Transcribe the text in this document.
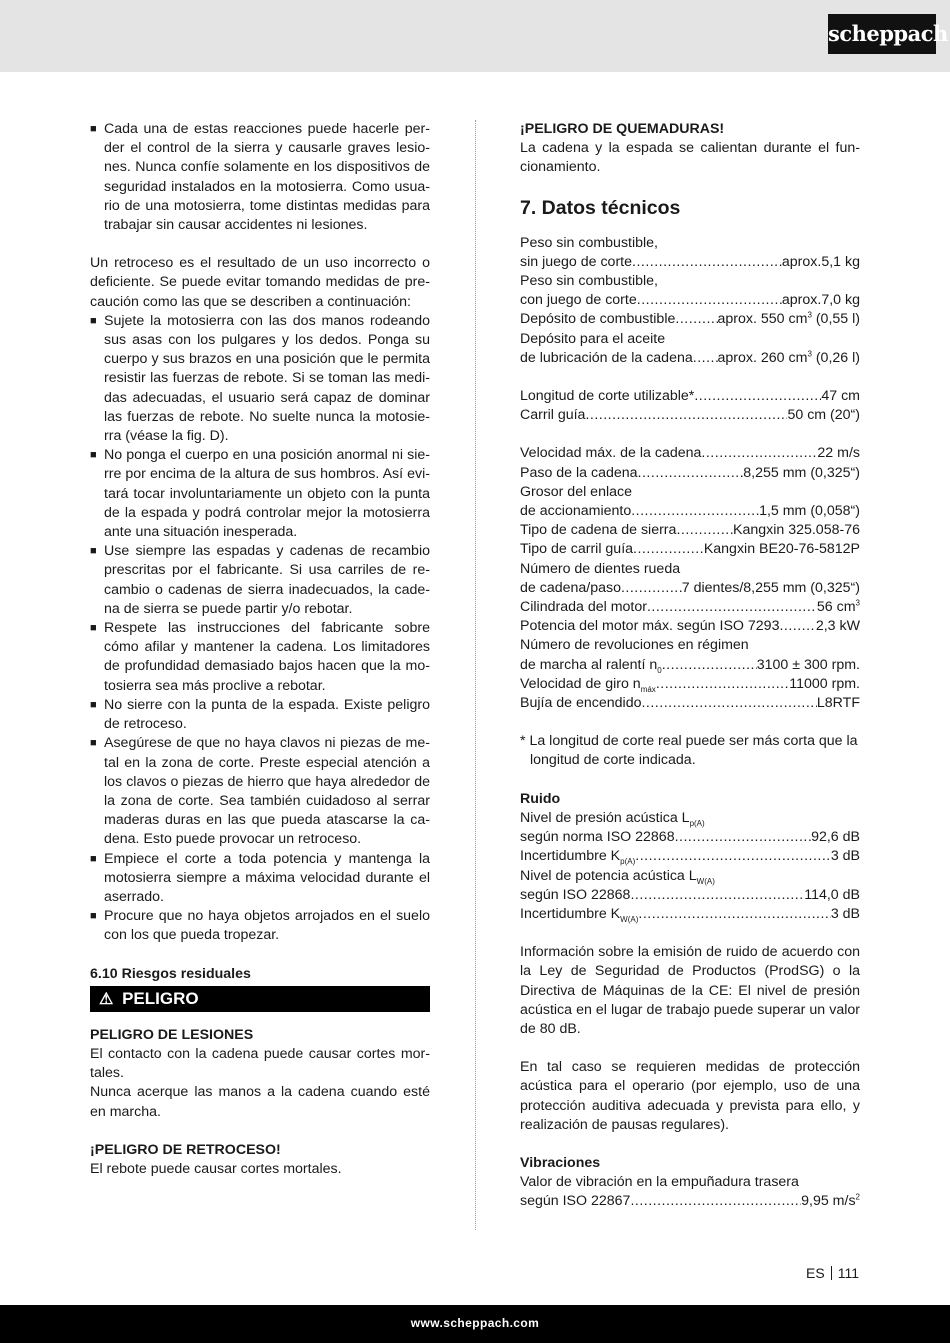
scheppach
■ Cada una de estas reacciones puede hacerle perder el control de la sierra y causarle graves lesiones. Nunca confíe solamente en los dispositivos de seguridad instalados en la motosierra. Como usuario de una motosierra, tome distintas medidas para trabajar sin causar accidentes ni lesiones.

Un retroceso es el resultado de un uso incorrecto o deficiente. Se puede evitar tomando medidas de precaución como las que se describen a continuación:

■ Sujete la motosierra con las dos manos rodeando sus asas con los pulgares y los dedos. Ponga su cuerpo y sus brazos en una posición que le permita resistir las fuerzas de rebote. Si se toman las medidas adecuadas, el usuario será capaz de dominar las fuerzas de rebote. No suelte nunca la motosierra (véase la fig. D).
■ No ponga el cuerpo en una posición anormal ni sierre por encima de la altura de sus hombros. Así evitará tocar involuntariamente un objeto con la punta de la espada y podrá controlar mejor la motosierra ante una situación inesperada.
■ Use siempre las espadas y cadenas de recambio prescritas por el fabricante. Si usa carriles de recambio o cadenas de sierra inadecuados, la cadena de sierra se puede partir y/o rebotar.
■ Respete las instrucciones del fabricante sobre cómo afilar y mantener la cadena. Los limitadores de profundidad demasiado bajos hacen que la motosierra sea más proclive a rebotar.
■ No sierre con la punta de la espada. Existe peligro de retroceso.
■ Asegúrese de que no haya clavos ni piezas de metal en la zona de corte. Preste especial atención a los clavos o piezas de hierro que haya alrededor de la zona de corte. Sea también cuidadoso al serrar maderas duras en las que pueda atascarse la cadena. Esto puede provocar un retroceso.
■ Empiece el corte a toda potencia y mantenga la motosierra siempre a máxima velocidad durante el aserrado.
■ Procure que no haya objetos arrojados en el suelo con los que pueda tropezar.
6.10 Riesgos residuales
⚠ PELIGRO
PELIGRO DE LESIONES

El contacto con la cadena puede causar cortes mortales.

Nunca acerque las manos a la cadena cuando esté en marcha.

¡PELIGRO DE RETROCESO!

El rebote puede causar cortes mortales.

¡PELIGRO DE QUEMADURAS!

La cadena y la espada se calientan durante el funcionamiento.

7. Datos técnicos
Peso sin combustible,
sin juego de corte .....	aprox.5,1 kg
Peso sin combustible,
con juego de corte .....	aprox.7,0 kg
Depósito de combustible .....	aprox. 550 $cm^3$ (0,55 l)
Depósito para el aceite
de lubricación de la cadena ..... aprox. 260 $cm^3$ (0,26 l)
Longitud de corte utilizable* .....	47 cm
Carril guía .....	50 cm (20“)
Velocidad máx. de la cadena .....	22 m/s
Paso de la cadena .....	8,255 mm (0,325“)
Grosor del enlace
de accionamiento .....	1,5 mm (0,058“)
Tipo de cadena de sierra .....	Kangxin 325.058-76
Tipo de carril guía .....	Kangxin BE20-76-5812P
Número de dientes rueda
de cadena/paso .....	7 dientes/8,255 mm (0,325“)
Cilindrada del motor .....	56 $cm^3$
Potencia del motor máx. según ISO 7293 .....	2,3 kW
Número de revoluciones en régimen
de marcha al ralentí $n_0$ .....	3100 ± 300 rpm.
Velocidad de giro $n_{máx}$ .....	11000 rpm.
Bujía de encendido .....	L8RTF

* La longitud de corte real puede ser más corta que la longitud de corte indicada.

Ruido
Nivel de presión acústica $L_{p(A)}$
según norma ISO 22868 .....	92,6 dB
Incertidumbre $K_{p(A)}$ .....	3 dB
Nivel de potencia acústica $L_{W(A)}$
según ISO 22868 .....	114,0 dB
Incertidumbre $K_{W(A)}$ .....	3 dB

Información sobre la emisión de ruido de acuerdo con la Ley de Seguridad de Productos (ProdSG) o la Directiva de Máquinas de la CE: El nivel de presión acústica en el lugar de trabajo puede superar un valor de 80 dB.

En tal caso se requieren medidas de protección acústica para el operario (por ejemplo, uso de una protección auditiva adecuada y prevista para ello, y realización de pausas regulares).

Vibraciones
Valor de vibración en la empuñadura trasera
según ISO 22867 .....	9,95 $m/s^2$
ES 111
www.scheppach.com
